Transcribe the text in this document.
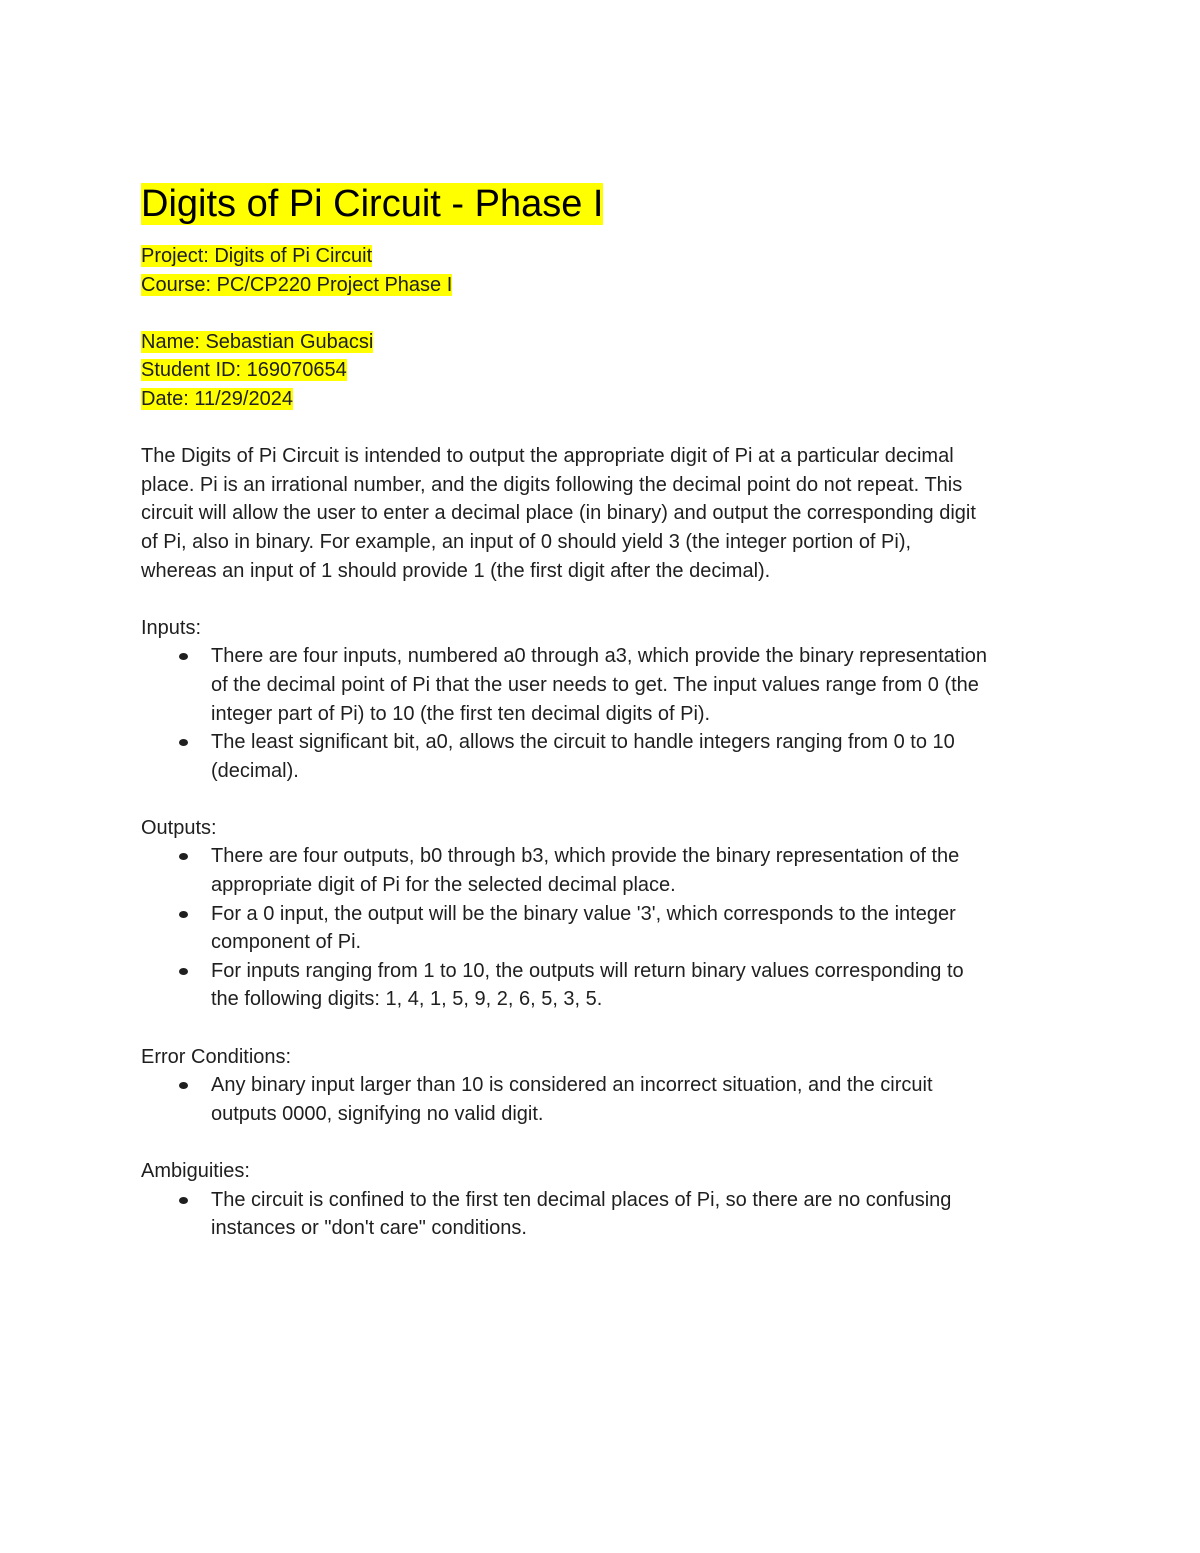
Digits of Pi Circuit - Phase I

Project: Digits of Pi Circuit

Course: PC/CP220 Project Phase I

Name: Sebastian Gubacsi

Student ID: 169070654

Date: 11/29/2024

The Digits of Pi Circuit is intended to output the appropriate digit of Pi at a particular decimal
place. Pi is an irrational number, and the digits following the decimal point do not repeat. This
circuit will allow the user to enter a decimal place (in binary) and output the corresponding digit
of Pi, also in binary. For example, an input of 0 should yield 3 (the integer portion of Pi),
whereas an input of 1 should provide 1 (the first digit after the decimal).

Inputs:

There are four inputs, numbered a0 through a3, which provide the binary representation
of the decimal point of Pi that the user needs to get. The input values range from 0 (the
integer part of Pi) to 10 (the first ten decimal digits of Pi).
The least significant bit, a0, allows the circuit to handle integers ranging from 0 to 10
(decimal).

Outputs:

There are four outputs, b0 through b3, which provide the binary representation of the
appropriate digit of Pi for the selected decimal place.
For a 0 input, the output will be the binary value '3', which corresponds to the integer
component of Pi.
For inputs ranging from 1 to 10, the outputs will return binary values corresponding to
the following digits: 1, 4, 1, 5, 9, 2, 6, 5, 3, 5.

Error Conditions:

Any binary input larger than 10 is considered an incorrect situation, and the circuit
outputs 0000, signifying no valid digit.

Ambiguities:

The circuit is confined to the first ten decimal places of Pi, so there are no confusing
instances or "don't care" conditions.
